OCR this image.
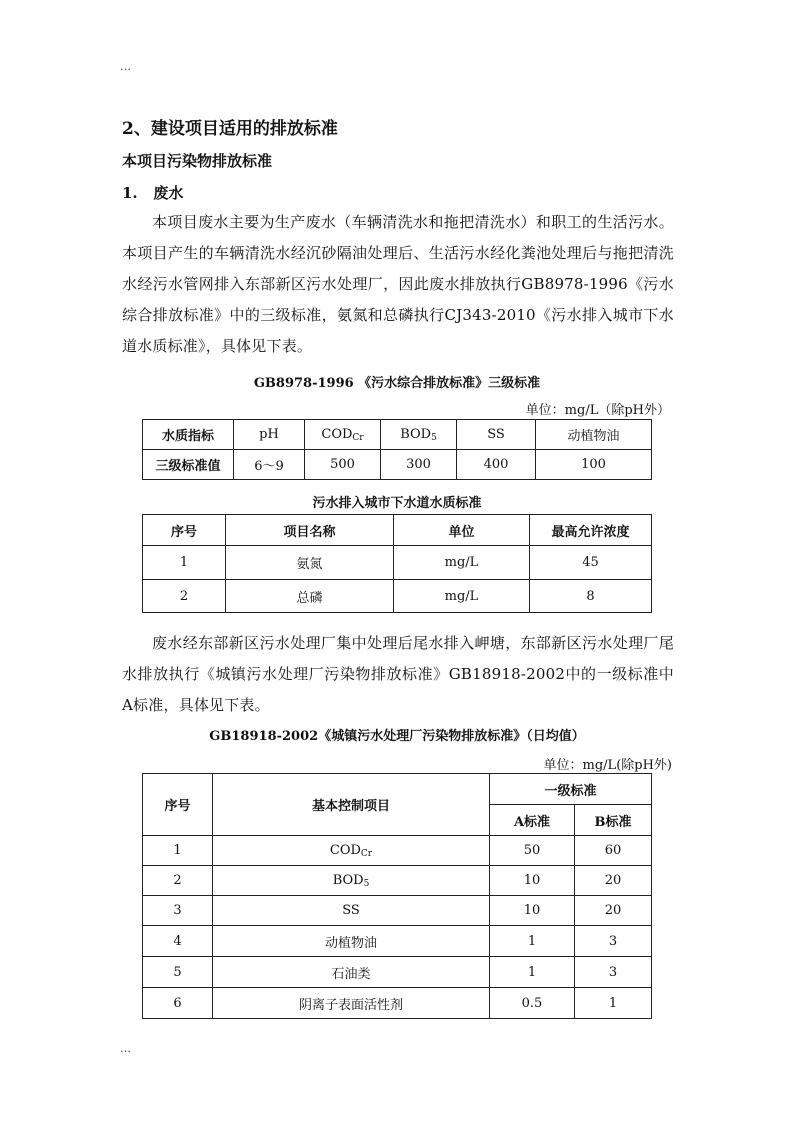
…
2、建设项目适用的排放标准
本项目污染物排放标准
1.   废水
本项目废水主要为生产废水（车辆清洗水和拖把清洗水）和职工的生活污水。本项目产生的车辆清洗水经沉砂隔油处理后、生活污水经化粪池处理后与拖把清洗水经污水管网排入东部新区污水处理厂，因此废水排放执行GB8978-1996《污水综合排放标准》中的三级标准，氨氮和总磷执行CJ343-2010《污水排入城市下水道水质标准》，具体见下表。
GB8978-1996 《污水综合排放标准》三级标准
单位：mg/L（除pH外）
水质指标	pH	$COD_{Cr}$	$BOD_5$	SS	动植物油
三级标准值	6～9	500	300	400	100
污水排入城市下水道水质标准
序号	项目名称	单位	最高允许浓度
1	氨氮	mg/L	45
2	总磷	mg/L	8
废水经东部新区污水处理厂集中处理后尾水排入岬塘，东部新区污水处理厂尾水排放执行《城镇污水处理厂污染物排放标准》GB18918-2002中的一级标准中A标准，具体见下表。
GB18918-2002《城镇污水处理厂污染物排放标准》（日均值）
单位：mg/L(除pH外)
序号	基本控制项目	一级标准	
		A标准	B标准
1	$COD_{Cr}$	50	60
2	$BOD_5$	10	20
3	SS	10	20
4	动植物油	1	3
5	石油类	1	3
6	阴离子表面活性剂	0.5	1
…
